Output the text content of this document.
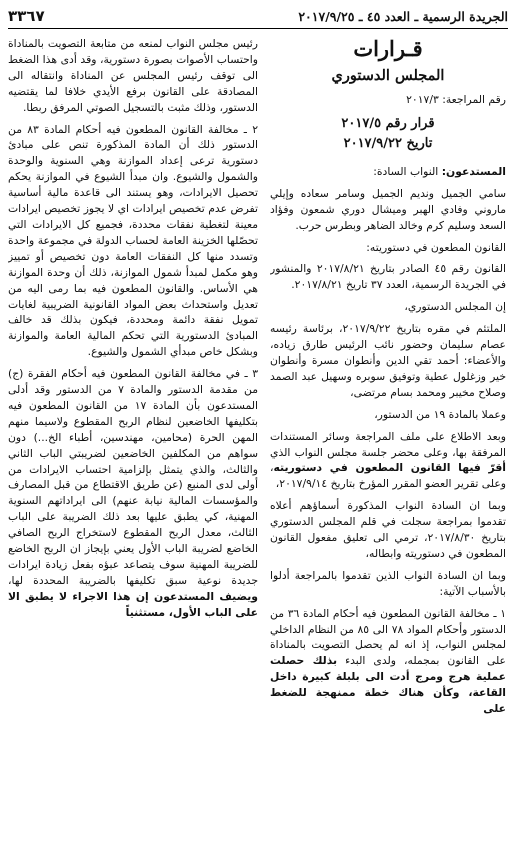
الجريدة الرسمية ـ العدد ٤٥ ـ ٢٠١٧/٩/٢٥
٣٣٦٧
قـرارات
المجلس الدستوري
رقم المراجعة: ٢٠١٧/٣
قرار رقم ٢٠١٧/٥
تاريخ ٢٠١٧/٩/٢٢

المستدعون: النواب السادة:

سامي الجميل وندیم الجميل وسامر سعاده وإيلي ماروني وفادي الهبر وميشال دوري شمعون وفؤاد السعد وسليم كرم وخالد الضاهر وبطرس حرب.

القانون المطعون في دستوريته:

القانون رقم ٤٥ الصادر بتاريخ ٢٠١٧/٨/٢١ والمنشور في الجريدة الرسمية، العدد ٣٧ تاريخ ٢٠١٧/٨/٢١.

إن المجلس الدستوري،

الملتئم في مقره بتاريخ ٢٠١٧/٩/٢٢، برئاسة رئيسه عصام سليمان وحضور نائب الرئيس طارق زياده، والأعضاء: أحمد تقي الدين وأنطوان مسرة وأنطوان خير وزغلول عطية وتوفيق سوبره وسهيل عبد الصمد وصلاح مخيبر ومحمد بسام مرتضى،

وعملا بالمادة ١٩ من الدستور،

وبعد الاطلاع على ملف المراجعة وسائر المستندات المرفقة بها، وعلى محضر جلسة مجلس النواب الذي أقرّ فيها القانون المطعون في دستوريته، وعلى تقرير العضو المقرر المؤرخ بتاريخ ٢٠١٧/٩/١٤،

وبما ان السادة النواب المذكورة أسماؤهم أعلاه تقدموا بمراجعة سجلت في قلم المجلس الدستوري بتاريخ ٢٠١٧/٨/٣٠، ترمي الى تعليق مفعول القانون المطعون في دستوريته وابطاله،

وبما ان السادة النواب الذين تقدموا بالمراجعة أدلوا بالأسباب الآتية:

١ ـ مخالفة القانون المطعون فيه أحكام المادة ٣٦ من الدستور وأحكام المواد ٧٨ الى ٨٥ من النظام الداخلي لمجلس النواب، إذ انه لم يحصل التصويت بالمناداة على القانون بمجمله، ولدى البدء بذلك حصلت عملية هرج ومرج أدت الى بلبلة كبيرة داخل القاعة، وكأن هناك خطة ممنهجة للضغط على

رئيس مجلس النواب لمنعه من متابعة التصويت بالمناداة واحتساب الأصوات بصورة دستورية، وقد أدى هذا الضغط الى توقف رئيس المجلس عن المناداة وانتقاله الى المصادقة على القانون برفع الأيدي خلافا لما يقتضيه الدستور، وذلك مثبت بالتسجيل الصوتي المرفق ربطا.

٢ ـ مخالفة القانون المطعون فيه أحكام المادة ٨٣ من الدستور ذلك أن المادة المذكورة تنص على مبادئ دستورية ترعى إعداد الموازنة وهي السنوية والوحدة والشمول والشيوع. وان مبدأ الشيوع في الموازنة يحكم تحصيل الايرادات، وهو يستند الى قاعدة مالية أساسية تفرض عدم تخصيص ايرادات اي لا يجوز تخصيص ايرادات معينة لتغطية نفقات محددة، فجميع كل الايرادات التي تحصّلها الخزينة العامة لحساب الدولة في مجموعة واحدة وتسدد منها كل النفقات العامة دون تخصيص أو تمييز وهو مكمل لمبدأ شمول الموازنة، ذلك أن وحدة الموازنة هي الأساس. والقانون المطعون فيه بما رمى اليه من تعديل واستحداث بعض المواد القانونية الضريبية لغايات تمويل نفقة دائمة ومحددة، فيكون بذلك قد خالف المبادئ الدستورية التي تحكم المالية العامة والموازنة وبشكل خاص مبدأي الشمول والشيوع.

٣ ـ في مخالفة القانون المطعون فيه أحكام الفقرة (ج) من مقدمة الدستور والمادة ٧ من الدستور وقد أدلى المستدعون بأن المادة ١٧ من القانون المطعون فيه بتكليفها الخاضعين لنظام الربح المقطوع ولاسيما منهم المهن الحرة (محامين، مهندسين، أطباء الخ...) دون سواهم من المكلفين الخاضعين لضريبتي الباب الثاني والثالث، والذي يتمثل بإلزامية احتساب الايرادات من أولى لدى المنبع (عن طريق الاقتطاع من قبل المصارف والمؤسسات المالية نيابة عنهم) الى ايراداتهم السنوية المهنية، كي يطبق عليها بعد ذلك الضريبة على الباب الثالث، معدل الربح المقطوع لاستخراج الربح الصافي الخاضع لضريبة الباب الأول يعني بإيجاز ان الربح الخاضع للضريبة المهنية سوف يتصاعد عبؤه بفعل زيادة ايرادات جديدة نوعية سبق تكليفها بالضريبة المحددة لها، ويضيف المستدعون إن هذا الاجراء لا يطبق الا على الباب الأول، مستثنياً
